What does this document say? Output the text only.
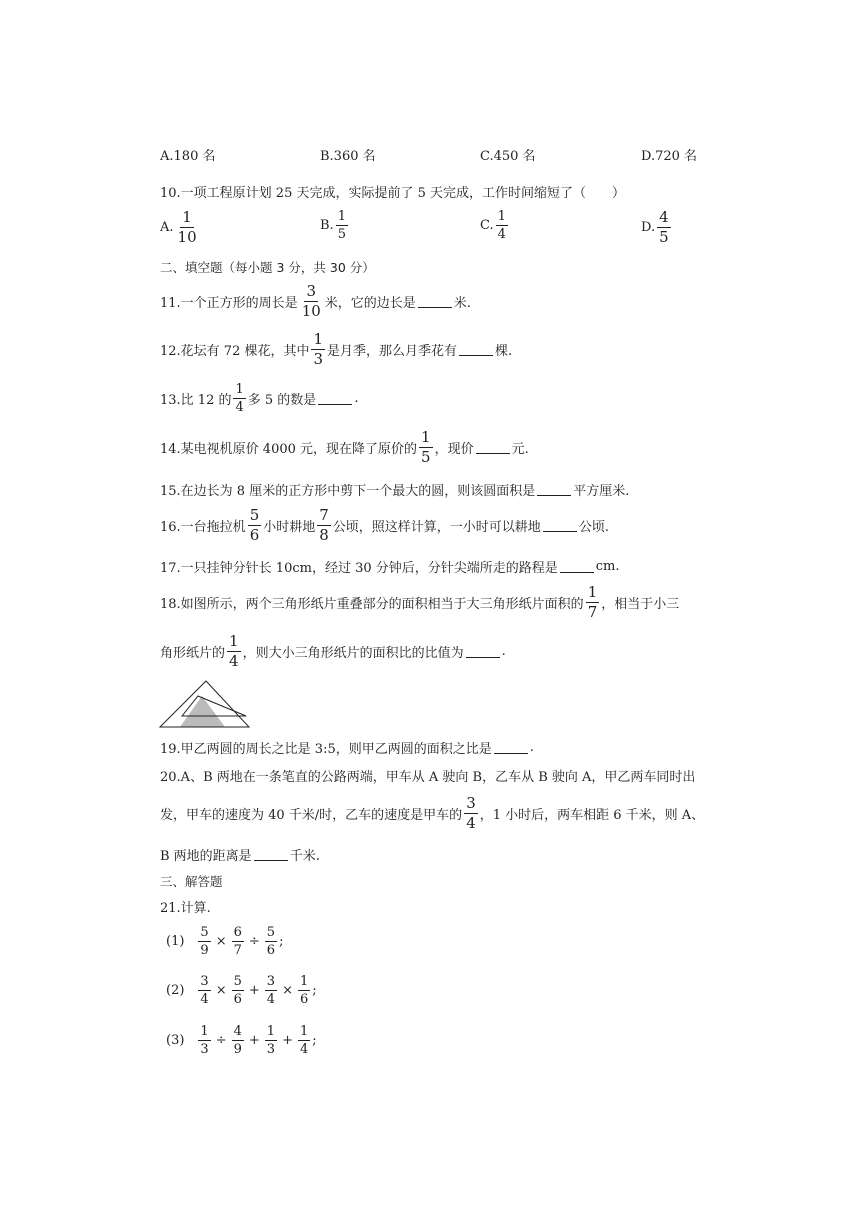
A.180 名	B.360 名	C.450 名	D.720 名
10.一项工程原计划 25 天完成，实际提前了 5 天完成，工作时间缩短了（　　）
A. $\frac{1}{10}$	B. $\frac{1}{5}$	C. $\frac{1}{4}$	D. $\frac{4}{5}$
二、填空题（每小题 3 分，共 30 分）
11.一个正方形的周长是 $\frac{3}{10}$ 米，它的边长是	米.
12.花坛有 72 棵花，其中 $\frac{1}{3}$ 是月季，那么月季花有	棵.
13.比 12 的 $\frac{1}{4}$ 多 5 的数是	.
14.某电视机原价 4000 元，现在降了原价的 $\frac{1}{5}$ ，现价	元.
15.在边长为 8 厘米的正方形中剪下一个最大的圆，则该圆面积是	平方厘米.
16.一台拖拉机 $\frac{5}{6}$ 小时耕地 $\frac{7}{8}$ 公顷，照这样计算，一小时可以耕地	公顷.
17.一只挂钟分针长 10cm，经过 30 分钟后，分针尖端所走的路程是	cm.
18.如图所示，两个三角形纸片重叠部分的面积相当于大三角形纸片面积的 $\frac{1}{7}$ ，相当于小三
角形纸片的 $\frac{1}{4}$ ，则大小三角形纸片的面积比的比值为	.
19.甲乙两圆的周长之比是 3:5，则甲乙两圆的面积之比是	.
20.A、B 两地在一条笔直的公路两端，甲车从 A 驶向 B，乙车从 B 驶向 A，甲乙两车同时出
发，甲车的速度为 40 千米/时，乙车的速度是甲车的 $\frac{3}{4}$ ，1 小时后，两车相距 6 千米，则 A、
B 两地的距离是	千米.
三、解答题
21.计算.
$(1) \frac{5}{9} \times \frac{6}{7} \div \frac{5}{6}$ ;
$(2) \frac{3}{4} \times \frac{5}{6} + \frac{3}{4} \times \frac{1}{6}$ ;
$(3) \frac{1}{3} \div \frac{4}{9} + \frac{1}{3} + \frac{1}{4}$ ;
